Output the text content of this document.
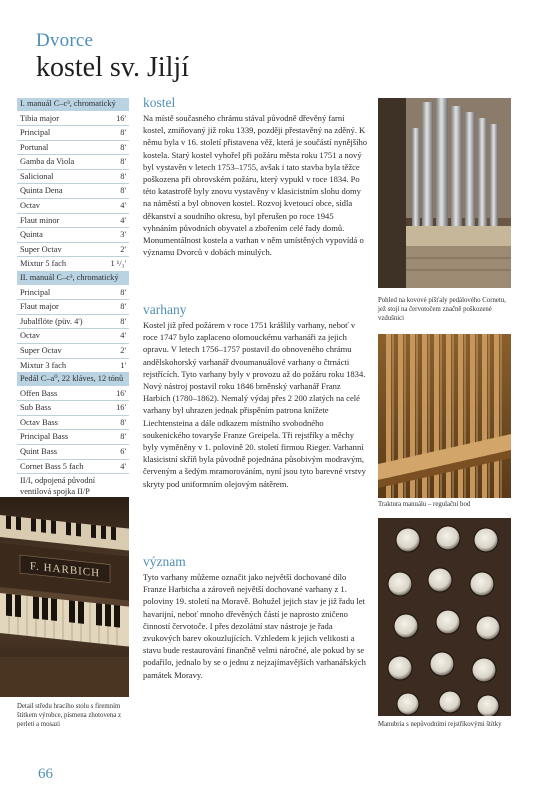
Dvorce
kostel sv. Jiljí
I. manuál C–c³, chromatický
Tibia major	16'
Principal	8'
Portunal	8'
Gamba da Viola	8'
Salicional	8'
Quinta Dena	8'
Octav	4'
Flaut minor	4'
Quinta	3'
Super Octav	2'
Mixtur 5 fach	1 ¹/₃'
II. manuál C–c³, chromatický
Principal	8'
Flaut major	8'
Jubalflöte (püv. 4')	8'
Octav	4'
Super Octav	2'
Mixtur 3 fach	1'
Pedál C–a⁰, 22 kláves, 12 tónů
Offen Bass	16'
Sub Bass	16'
Octav Bass	8'
Principal Bass	8'
Quint Bass	6'
Cornet Bass 5 fach	4'
II/I, odpojená původní ventilová spojka II/P
F. HARBICH
Detail středu hracího stolu s firemním štítkem výrobce, písmena zhotovena z perleti a mosazi
kostel

Na místě současného chrámu stával původně dřevěný farní kostel, zmiňovaný již roku 1339, později přestavěný na zděný. K němu byla v 16. století přistavena věž, která je součástí nynějšího kostela. Starý kostel vyhořel při požáru města roku 1751 a nový byl vystavěn v letech 1753–1755, avšak i tato stavba byla těžce poškozena při obrovském požáru, který vypukl v roce 1834. Po této katastrofě byly znovu vystavěny v klasicistním slohu domy na náměstí a byl obnoven kostel. Rozvoj kvetoucí obce, sídla děkanství a soudního okresu, byl přerušen po roce 1945 vyhnáním původních obyvatel a zbořením celé řady domů. Monumentálnost kostela a varhan v něm umístěných vypovídá o významu Dvorců v dobách minulých.

varhany

Kostel již před požárem v roce 1751 krášlily varhany, neboť v roce 1747 bylo zaplaceno olomouckému varhanáři za jejich opravu. V letech 1756–1757 postavil do obnoveného chrámu andělskohorský varhanář dvoumanuálové varhany o čtrnácti rejstřících. Tyto varhany byly v provozu až do požáru roku 1834. Nový nástroj postavil roku 1846 brněnský varhanář Franz Harbich (1780–1862). Nemalý výdaj přes 2 200 zlatých na celé varhany byl uhrazen jednak přispěním patrona knížete Liechtensteina a dále odkazem místního svobodného soukenického tovaryše Franze Greipela. Tři rejstříky a měchy byly vyměněny v 1. polovině 20. století firmou Rieger. Varhanní klasicistní skříň byla původně pojednána působivým modravým, červeným a šedým mramorováním, nyní jsou tyto barevné vrstvy skryty pod uniformním olejovým nátěrem.

význam

Tyto varhany můžeme označit jako největší dochované dílo Franze Harbicha a zároveň největší dochované varhany z 1. poloviny 19. století na Moravě. Bohužel jejich stav je již řadu let havarijní, neboť mnoho dřevěných částí je naprosto zničeno činností červotoče. I přes dezolátní stav nástroje je řada zvukových barev okouzlujících. Vzhledem k jejich velikosti a stavu bude restaurování finančně velmi náročné, ale pokud by se podařilo, jednalo by se o jednu z nejzajímavějších varhanářských památek Moravy.

Pohled na kovové píšťaly pedálového Cornetu, jež stojí na červotočem značně poškozené vzdušnici
Traktura manuálu – regulační bod
Manubria s nepůvodními rejstříkovými štítky
66
